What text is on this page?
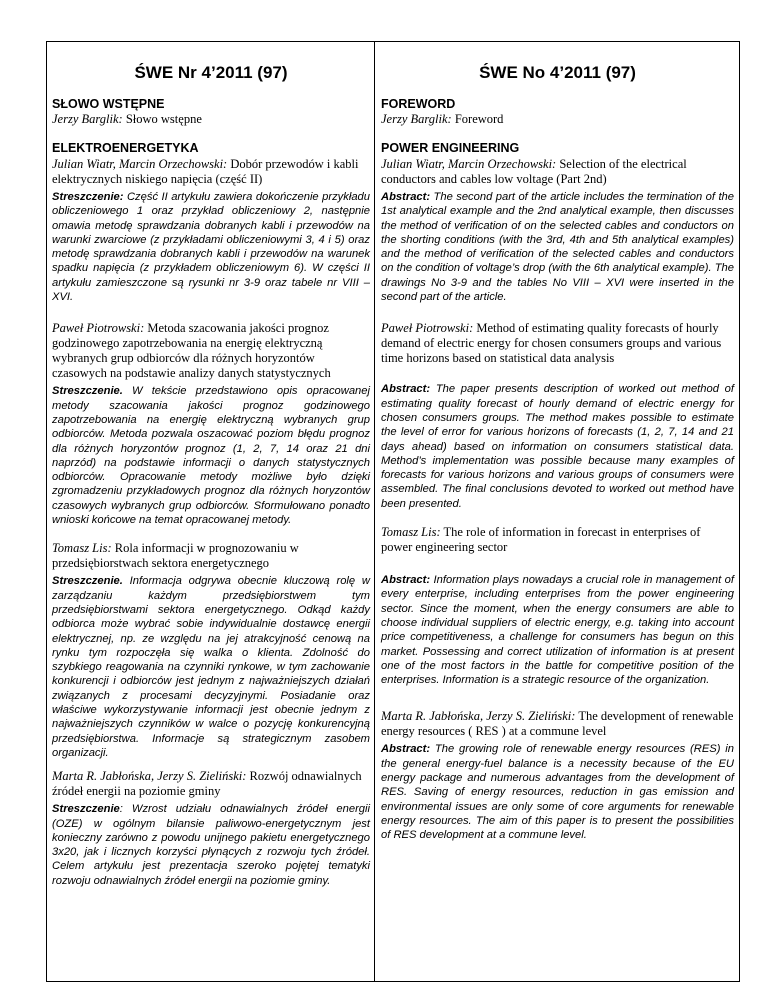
ŚWE Nr 4’2011 (97)

SŁOWO WSTĘPNE

Jerzy Barglik: Słowo wstępne

ELEKTROENERGETYKA

Julian Wiatr, Marcin Orzechowski: Dobór przewodów i kabli elektrycznych niskiego napięcia (część II)

Streszczenie: Część II artykułu zawiera dokończenie przykładu obliczeniowego 1 oraz przykład obliczeniowy 2, następnie omawia metodę sprawdzania dobranych kabli i przewodów na warunki zwarciowe (z przykładami obliczeniowymi 3, 4 i 5) oraz metodę sprawdzania dobranych kabli i przewodów na warunek spadku napięcia (z przykładem obliczeniowym 6). W części II artykułu zamieszczone są rysunki nr 3-9 oraz tabele nr VIII – XVI.

Paweł Piotrowski: Metoda szacowania jakości prognoz godzinowego zapotrzebowania na energię elektryczną wybranych grup odbiorców dla różnych horyzontów czasowych na podstawie analizy danych statystycznych

Streszczenie. W tekście przedstawiono opis opracowanej metody szacowania jakości prognoz godzinowego zapotrzebowania na energię elektryczną wybranych grup odbiorców. Metoda pozwala oszacować poziom błędu prognoz dla różnych horyzontów prognoz (1, 2, 7, 14 oraz 21 dni naprzód) na podstawie informacji o danych statystycznych odbiorców. Opracowanie metody możliwe było dzięki zgromadzeniu przykładowych prognoz dla różnych horyzontów czasowych wybranych grup odbiorców. Sformułowano ponadto wnioski końcowe na temat opracowanej metody.

Tomasz Lis: Rola informacji w prognozowaniu w przedsiębiorstwach sektora energetycznego

Streszczenie. Informacja odgrywa obecnie kluczową rolę w zarządzaniu każdym przedsiębiorstwem tym przedsiębiorstwami sektora energetycznego. Odkąd każdy odbiorca może wybrać sobie indywidualnie dostawcę energii elektrycznej, np. ze względu na jej atrakcyjność cenową na rynku tym rozpoczęła się walka o klienta. Zdolność do szybkiego reagowania na czynniki rynkowe, w tym zachowanie konkurencji i odbiorców jest jednym z najważniejszych działań związanych z procesami decyzyjnymi. Posiadanie oraz właściwe wykorzystywanie informacji jest obecnie jednym z najważniejszych czynników w walce o pozycję konkurencyjną przedsiębiorstwa. Informacje są strategicznym zasobem organizacji.

Marta R. Jabłońska, Jerzy S. Zieliński: Rozwój odnawialnych źródeł energii na poziomie gminy

Streszczenie: Wzrost udziału odnawialnych źródeł energii (OZE) w ogólnym bilansie paliwowo-energetycznym jest konieczny zarówno z powodu unijnego pakietu energetycznego 3x20, jak i licznych korzyści płynących z rozwoju tych źródeł. Celem artykułu jest prezentacja szeroko pojętej tematyki rozwoju odnawialnych źródeł energii na poziomie gminy.

ŚWE No 4’2011 (97)

FOREWORD

Jerzy Barglik: Foreword

POWER ENGINEERING

Julian Wiatr, Marcin Orzechowski: Selection of the electrical conductors and cables low voltage (Part 2nd)

Abstract: The second part of the article includes the termination of the 1st analytical example and the 2nd analytical example, then discusses the method of verification of on the selected cables and conductors on the shorting conditions (with the 3rd, 4th and 5th analytical examples) and the method of verification of the selected cables and conductors on the condition of voltage’s drop (with the 6th analytical example). The drawings No 3-9 and the tables No VIII – XVI were inserted in the second part of the article.

Paweł Piotrowski: Method of estimating quality forecasts of hourly demand of electric energy for chosen consumers groups and various time horizons based on statistical data analysis

Abstract: The paper presents description of worked out method of estimating quality forecast of hourly demand of electric energy for chosen consumers groups. The method makes possible to estimate the level of error for various horizons of forecasts (1, 2, 7, 14 and 21 days ahead) based on information on consumers statistical data. Method’s implementation was possible because many examples of forecasts for various horizons and various groups of consumers were assembled. The final conclusions devoted to worked out method have been presented.

Tomasz Lis: The role of information in forecast in enterprises of power engineering sector

Abstract: Information plays nowadays a crucial role in management of every enterprise, including enterprises from the power engineering sector. Since the moment, when the energy consumers are able to choose individual suppliers of electric energy, e.g. taking into account price competitiveness, a challenge for consumers has begun on this market. Possessing and correct utilization of information is at present one of the most factors in the battle for competitive position of the enterprises. Information is a strategic resource of the organization.

Marta R. Jabłońska, Jerzy S. Zieliński: The development of renewable energy resources ( RES ) at a commune level

Abstract: The growing role of renewable energy resources (RES) in the general energy-fuel balance is a necessity because of the EU energy package and numerous advantages from the development of RES. Saving of energy resources, reduction in gas emission and environmental issues are only some of core arguments for renewable energy resources. The aim of this paper is to present the possibilities of RES development at a commune level.
